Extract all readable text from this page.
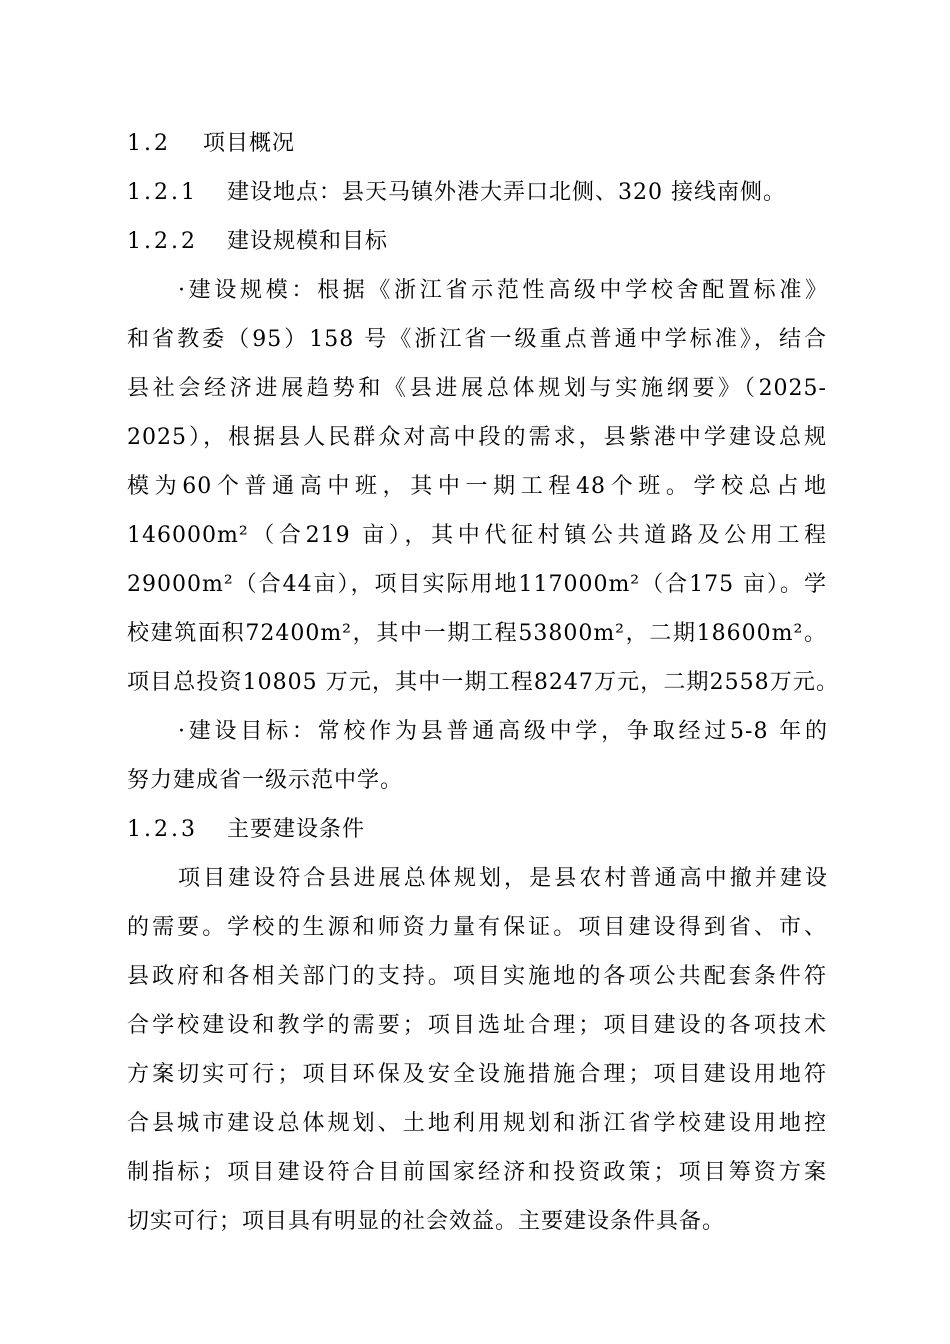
1.2 项目概况
1.2.1 建设地点：县天马镇外港大弄口北侧、320 接线南侧。
1.2.2 建设规模和目标
·建设规模：根据《浙江省示范性高级中学校舍配置标准》
和省教委（95）158 号《浙江省一级重点普通中学标准》，结合
县社会经济进展趋势和《县进展总体规划与实施纲要》（2025-
2025），根据县人民群众对高中段的需求，县紫港中学建设总规
模为60个普通高中班，其中一期工程48个班。学校总占地
146000m²（合219 亩），其中代征村镇公共道路及公用工程
29000m²（合44亩），项目实际用地117000m²（合175 亩）。学
校建筑面积72400m²，其中一期工程53800m²，二期18600m²。
项目总投资10805 万元，其中一期工程8247万元，二期2558万元。
·建设目标：常校作为县普通高级中学，争取经过5-8 年的
努力建成省一级示范中学。
1.2.3 主要建设条件
项目建设符合县进展总体规划，是县农村普通高中撤并建设
的需要。学校的生源和师资力量有保证。项目建设得到省、市、
县政府和各相关部门的支持。项目实施地的各项公共配套条件符
合学校建设和教学的需要；项目选址合理；项目建设的各项技术
方案切实可行；项目环保及安全设施措施合理；项目建设用地符
合县城市建设总体规划、土地利用规划和浙江省学校建设用地控
制指标；项目建设符合目前国家经济和投资政策；项目筹资方案
切实可行；项目具有明显的社会效益。主要建设条件具备。
